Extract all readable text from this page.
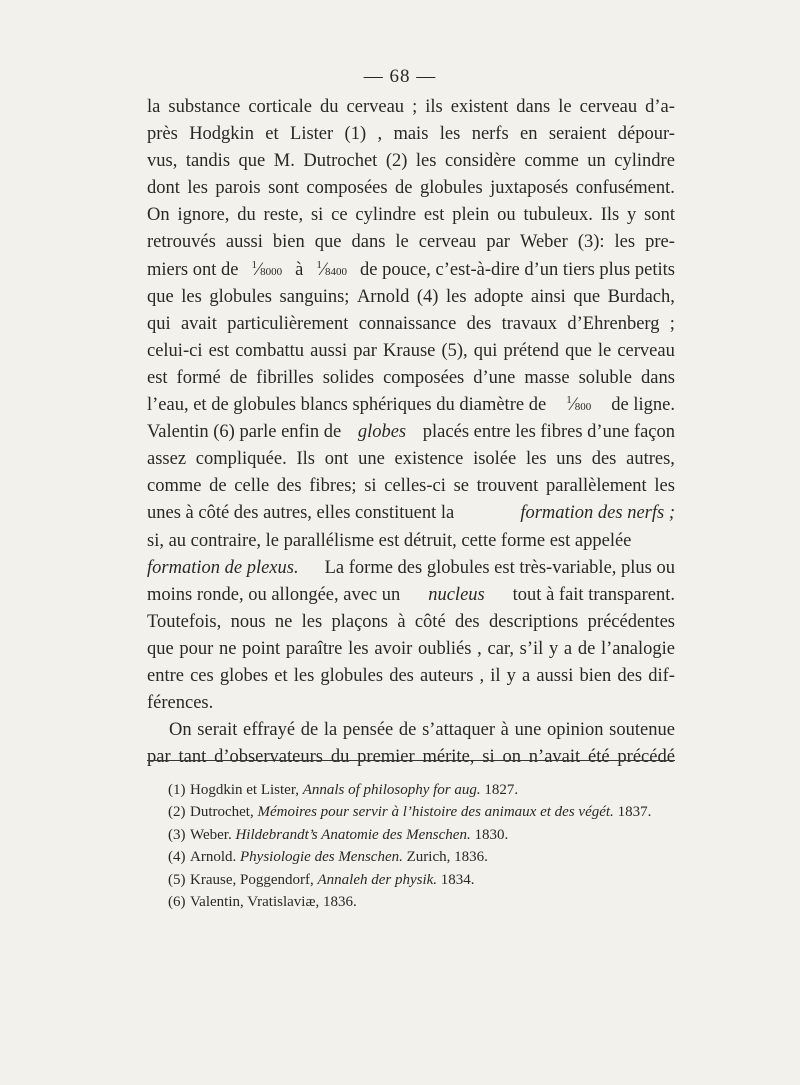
— 68 —
la substance corticale du cerveau ; ils existent dans le cerveau d’a-
près Hodgkin et Lister (1) , mais les nerfs en seraient dépour-
vus, tandis que M. Dutrochet (2) les considère comme un cylindre
dont les parois sont composées de globules juxtaposés confusément.
On ignore, du reste, si ce cylindre est plein ou tubuleux. Ils y sont
retrouvés aussi bien que dans le cerveau par Weber (3): les pre-
miers ont de $^1$⁄8000 à $^1$⁄8400 de pouce, c’est-à-dire d’un tiers plus petits
que les globules sanguins; Arnold (4) les adopte ainsi que Burdach,
qui avait particulièrement connaissance des travaux d’Ehrenberg ;
celui-ci est combattu aussi par Krause (5), qui prétend que le cerveau
est formé de fibrilles solides composées d’une masse soluble dans
l’eau, et de globules blancs sphériques du diamètre de $^1$⁄800 de ligne.
Valentin (6) parle enfin de globes placés entre les fibres d’une façon
assez compliquée. Ils ont une existence isolée les uns des autres,
comme de celle des fibres; si celles-ci se trouvent parallèlement les
unes à côté des autres, elles constituent la	formation des nerfs ;
si, au contraire, le parallélisme est détruit, cette forme est appelée
formation de plexus. La forme des globules est très-variable, plus ou
moins ronde, ou allongée, avec un nucleus tout à fait transparent.
Toutefois, nous ne les plaçons à côté des descriptions précédentes
que pour ne point paraître les avoir oubliés , car, s’il y a de l’analogie
entre ces globes et les globules des auteurs , il y a aussi bien des dif-
férences.
On serait effrayé de la pensée de s’attaquer à une opinion soutenue
par tant d’observateurs du premier mérite, si on n’avait été précédé
(1) Hogdkin et Lister, Annals of philosophy for aug. 1827.
(2) Dutrochet, Mémoires pour servir à l’histoire des animaux et des végét. 1837.
(3) Weber. Hildebrandt’s Anatomie des Menschen. 1830.
(4) Arnold. Physiologie des Menschen. Zurich, 1836.
(5) Krause, Poggendorf, Annaleh der physik. 1834.
(6) Valentin, Vratislaviæ, 1836.
